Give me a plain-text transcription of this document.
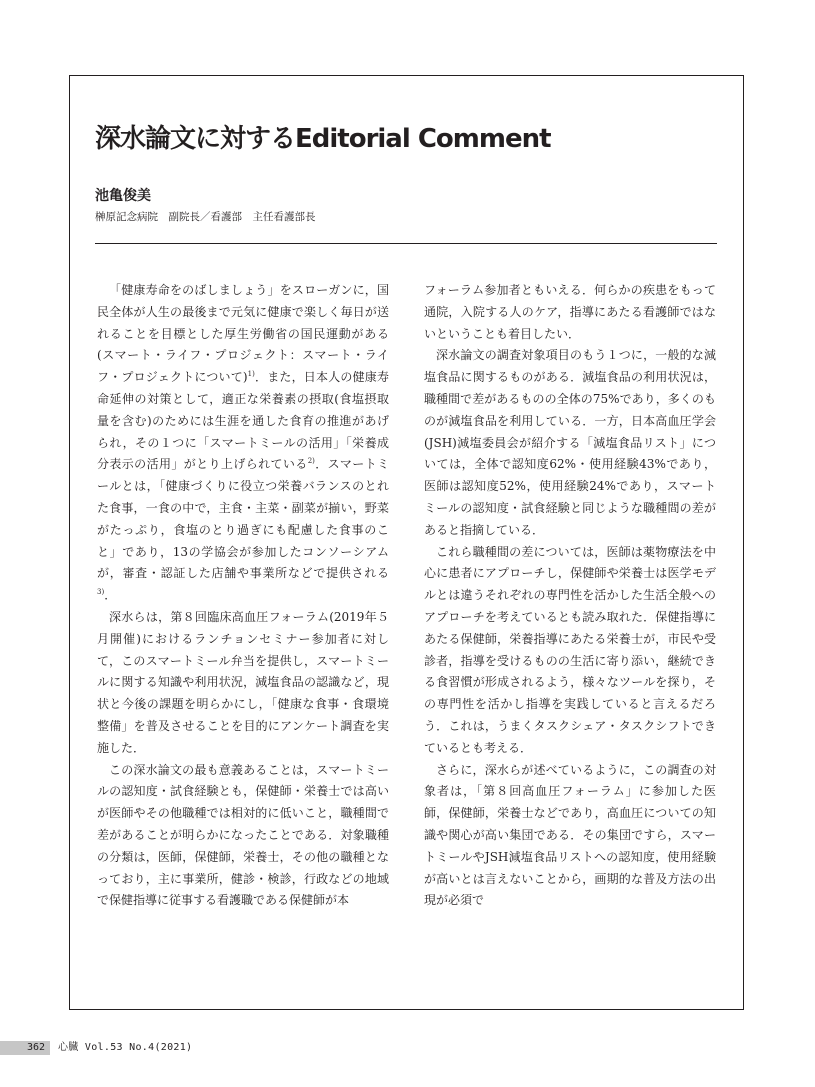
深水論文に対するEditorial Comment
池亀俊美
榊原記念病院　副院長／看護部　主任看護部長

「健康寿命をのばしましょう」をスローガンに，国民全体が人生の最後まで元気に健康で楽しく毎日が送れることを目標とした厚生労働省の国民運動がある(スマート・ライフ・プロジェクト：スマート・ライフ・プロジェクトについて)$^{1)}$．また，日本人の健康寿命延伸の対策として，適正な栄養素の摂取(食塩摂取量を含む)のためには生涯を通した食育の推進があげられ，その１つに「スマートミールの活用」「栄養成分表示の活用」がとり上げられている$^{2)}$．スマートミールとは，「健康づくりに役立つ栄養バランスのとれた食事，一食の中で，主食・主菜・副菜が揃い，野菜がたっぷり，食塩のとり過ぎにも配慮した食事のこと」であり，13の学協会が参加したコンソーシアムが，審査・認証した店舗や事業所などで提供される$^{3)}$．

深水らは，第８回臨床高血圧フォーラム(2019年５月開催)におけるランチョンセミナー参加者に対して，このスマートミール弁当を提供し，スマートミールに関する知識や利用状況，減塩食品の認識など，現状と今後の課題を明らかにし，「健康な食事・食環境整備」を普及させることを目的にアンケート調査を実施した．

この深水論文の最も意義あることは，スマートミールの認知度・試食経験とも，保健師・栄養士では高いが医師やその他職種では相対的に低いこと，職種間で差があることが明らかになったことである．対象職種の分類は，医師，保健師，栄養士，その他の職種となっており，主に事業所，健診・検診，行政などの地域で保健指導に従事する看護職である保健師が本

フォーラム参加者ともいえる．何らかの疾患をもって通院，入院する人のケア，指導にあたる看護師ではないということも着目したい．

深水論文の調査対象項目のもう１つに，一般的な減塩食品に関するものがある．減塩食品の利用状況は，職種間で差があるものの全体の75%であり，多くのものが減塩食品を利用している．一方，日本高血圧学会(JSH)減塩委員会が紹介する「減塩食品リスト」については，全体で認知度62%・使用経験43%であり，医師は認知度52%，使用経験24%であり，スマートミールの認知度・試食経験と同じような職種間の差があると指摘している．

これら職種間の差については，医師は薬物療法を中心に患者にアプローチし，保健師や栄養士は医学モデルとは違うそれぞれの専門性を活かした生活全般へのアプローチを考えているとも読み取れた．保健指導にあたる保健師，栄養指導にあたる栄養士が，市民や受診者，指導を受けるものの生活に寄り添い，継続できる食習慣が形成されるよう，様々なツールを探り，その専門性を活かし指導を実践していると言えるだろう．これは，うまくタスクシェア・タスクシフトできているとも考える．

さらに，深水らが述べているように，この調査の対象者は，「第８回高血圧フォーラム」に参加した医師，保健師，栄養士などであり，高血圧についての知識や関心が高い集団である．その集団ですら，スマートミールやJSH減塩食品リストへの認知度，使用経験が高いとは言えないことから，画期的な普及方法の出現が必須で

362	心臓 Vol.53 No.4(2021)
